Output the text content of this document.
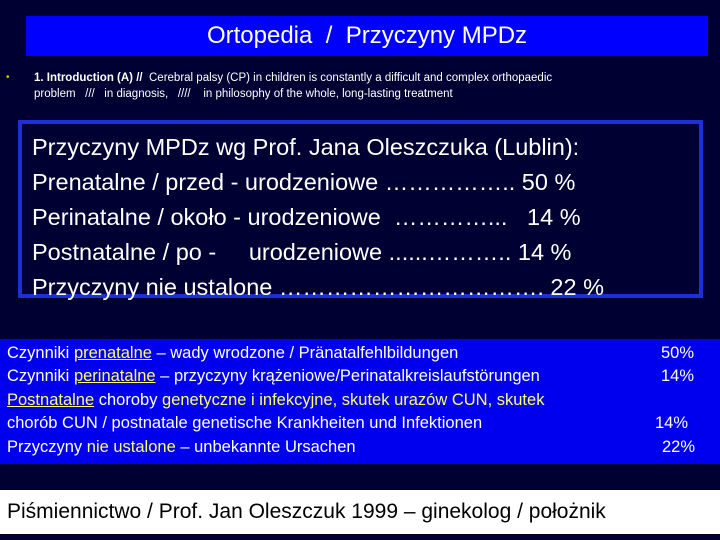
Ortopedia  /  Przyczyny MPDz
• 1. Introduction (A) //  Cerebral palsy (CP) in children is constantly a difficult and complex orthopaedic
problem   ///   in diagnosis,   ////    in philosophy of the whole, long-lasting treatment
Przyczyny MPDz wg Prof. Jana Oleszczuka (Lublin):
Prenatalne / przed - urodzeniowe …………….. 50 %
Perinatalne / około - urodzeniowe  …………...   14 %
Postnatalne / po -     urodzeniowe ......……….. 14 %
Przyczyny nie ustalone ……………………………. 22 %
Czynniki prenatalne – wady wrodzone / Pränatalfehlbildungen	50%
Czynniki perinatalne – przyczyny krążeniowe/Perinatalkreislaufstörungen	14%
Postnatalne choroby genetyczne i infekcyjne, skutek urazów CUN, skutek
chorób CUN / postnatale genetische Krankheiten und Infektionen	14%
Przyczyny nie ustalone – unbekannte Ursachen	22%
Piśmiennictwo / Prof. Jan Oleszczuk 1999 – ginekolog / położnik
